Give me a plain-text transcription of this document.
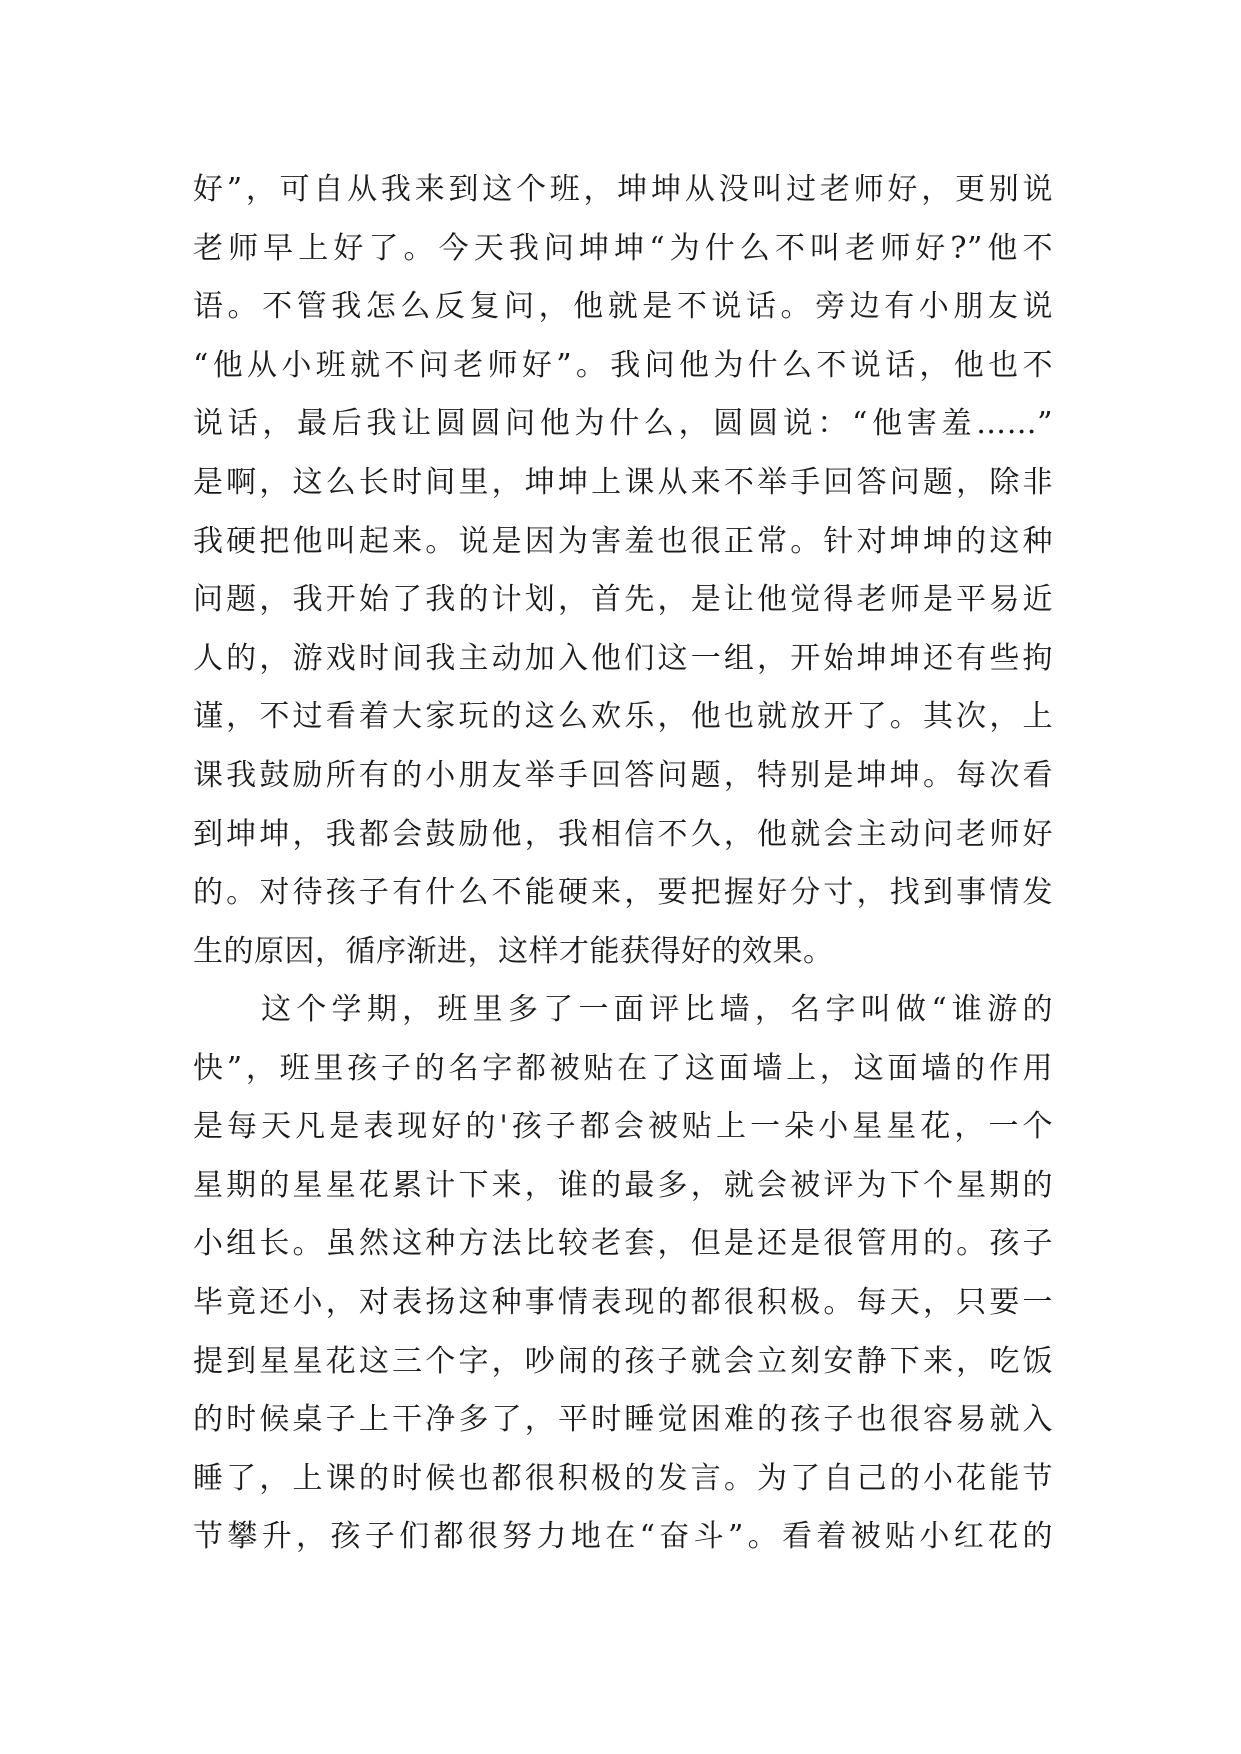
好”，可自从我来到这个班，坤坤从没叫过老师好，更别说
老师早上好了。今天我问坤坤“为什么不叫老师好?”他不
语。不管我怎么反复问，他就是不说话。旁边有小朋友说
“他从小班就不问老师好”。我问他为什么不说话，他也不
说话，最后我让圆圆问他为什么，圆圆说：“他害羞……”
是啊，这么长时间里，坤坤上课从来不举手回答问题，除非
我硬把他叫起来。说是因为害羞也很正常。针对坤坤的这种
问题，我开始了我的计划，首先，是让他觉得老师是平易近
人的，游戏时间我主动加入他们这一组，开始坤坤还有些拘
谨，不过看着大家玩的这么欢乐，他也就放开了。其次，上
课我鼓励所有的小朋友举手回答问题，特别是坤坤。每次看
到坤坤，我都会鼓励他，我相信不久，他就会主动问老师好
的。对待孩子有什么不能硬来，要把握好分寸，找到事情发
生的原因，循序渐进，这样才能获得好的效果。
这个学期，班里多了一面评比墙，名字叫做“谁游的
快”，班里孩子的名字都被贴在了这面墙上，这面墙的作用
是每天凡是表现好的'孩子都会被贴上一朵小星星花，一个
星期的星星花累计下来，谁的最多，就会被评为下个星期的
小组长。虽然这种方法比较老套，但是还是很管用的。孩子
毕竟还小，对表扬这种事情表现的都很积极。每天，只要一
提到星星花这三个字，吵闹的孩子就会立刻安静下来，吃饭
的时候桌子上干净多了，平时睡觉困难的孩子也很容易就入
睡了，上课的时候也都很积极的发言。为了自己的小花能节
节攀升，孩子们都很努力地在“奋斗”。看着被贴小红花的
